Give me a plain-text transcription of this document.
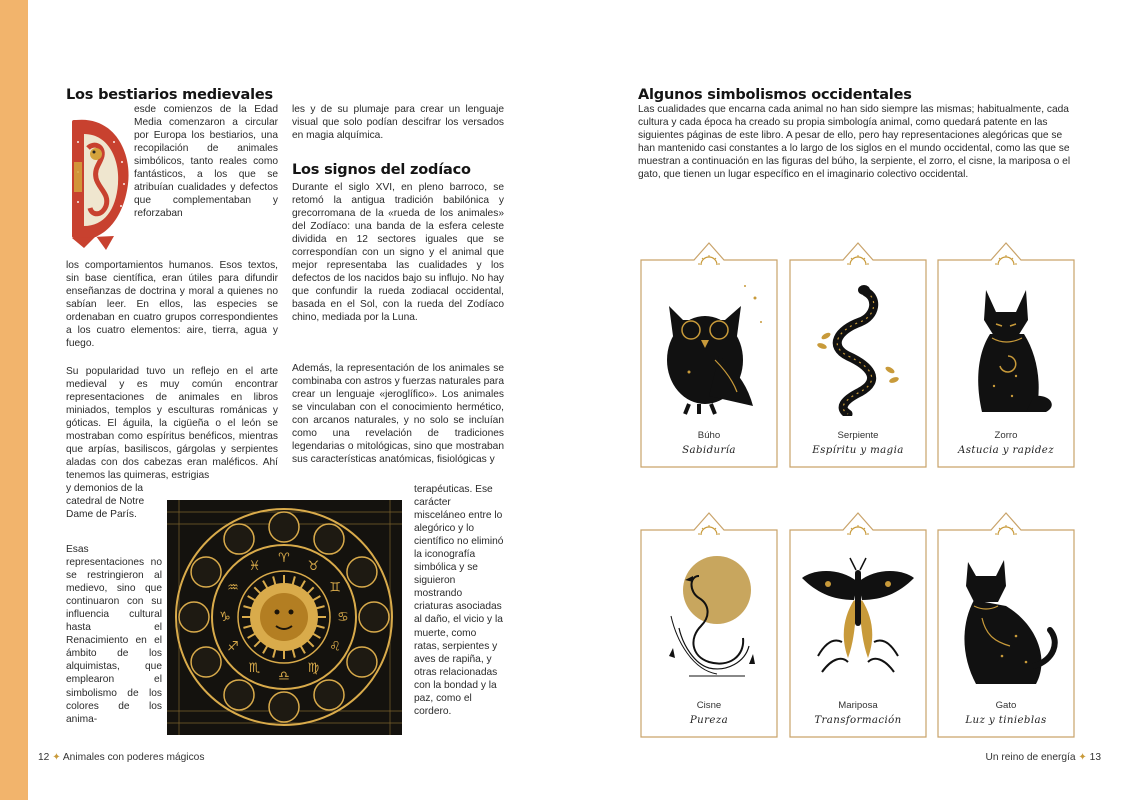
Los bestiarios medievales

esde comienzos de la Edad Media comenzaron a circular por Europa los bestiarios, una recopilación de animales simbólicos, tanto reales como fantásticos, a los que se atribuían cualidades y defectos que complementaban y reforzaban

los comportamientos humanos. Esos textos, sin base científica, eran útiles para difundir enseñanzas de doctrina y moral a quienes no sabían leer. En ellos, las especies se ordenaban en cuatro grupos correspondientes a los cuatro elementos: aire, tierra, agua y fuego.

Su popularidad tuvo un reflejo en el arte medieval y es muy común encontrar representaciones de animales en libros miniados, templos y esculturas románicas y góticas. El águila, la cigüeña o el león se mostraban como espíritus benéficos, mientras que arpías, basiliscos, gárgolas y serpientes aladas con dos cabezas eran maléficos. Ahí tenemos las quimeras, estrigias

y demonios de la catedral de Notre Dame de París.

Esas representaciones no se restringieron al medievo, sino que continuaron con su influencia cultural hasta el Renacimiento en el ámbito de los alquimistas, que emplearon el simbolismo de los colores de los anima-

les y de su plumaje para crear un lenguaje visual que solo podían descifrar los versados en magia alquímica.

Los signos del zodíaco

Durante el siglo XVI, en pleno barroco, se retomó la antigua tradición babilónica y grecorromana de la «rueda de los animales» del Zodíaco: una banda de la esfera celeste dividida en 12 sectores iguales que se correspondían con un signo y el animal que mejor representaba las cualidades y los defectos de los nacidos bajo su influjo. No hay que confundir la rueda zodiacal occidental, basada en el Sol, con la rueda del Zodíaco chino, mediada por la Luna.

Además, la representación de los animales se combinaba con astros y fuerzas naturales para crear un lenguaje «jeroglífico». Los animales se vinculaban con el conocimiento hermético, con arcanos naturales, y no solo se incluían como una revelación de tradiciones legendarias o mitológicas, sino que mostraban sus características anatómicas, fisiológicas y

terapéuticas. Ese carácter misceláneo entre lo alegórico y lo científico no eliminó la iconografía simbólica y se siguieron mostrando criaturas asociadas al daño, el vicio y la muerte, como ratas, serpientes y aves de rapiña, y otras relacionadas con la bondad y la paz, como el cordero.

♈
♉
♊
♋
♌
♍
♎
♏
♐
♑
♒
♓
12 ✦ Animales con poderes mágicos
Algunos simbolismos occidentales

Las cualidades que encarna cada animal no han sido siempre las mismas; habitualmente, cada cultura y cada época ha creado su propia simbología animal, como quedará patente en las siguientes páginas de este libro. A pesar de ello, pero hay representaciones alegóricas que se han mantenido casi constantes a lo largo de los siglos en el mundo occidental, como las que se muestran a continuación en las figuras del búho, la serpiente, el zorro, el cisne, la mariposa o el gato, que tienen un lugar específico en el imaginario colectivo occidental.

Búho
Sabiduría
Serpiente
Espíritu y magia
Zorro
Astucia y rapidez
Cisne
Pureza
Mariposa
Transformación
Gato
Luz y tinieblas
Un reino de energía ✦ 13
